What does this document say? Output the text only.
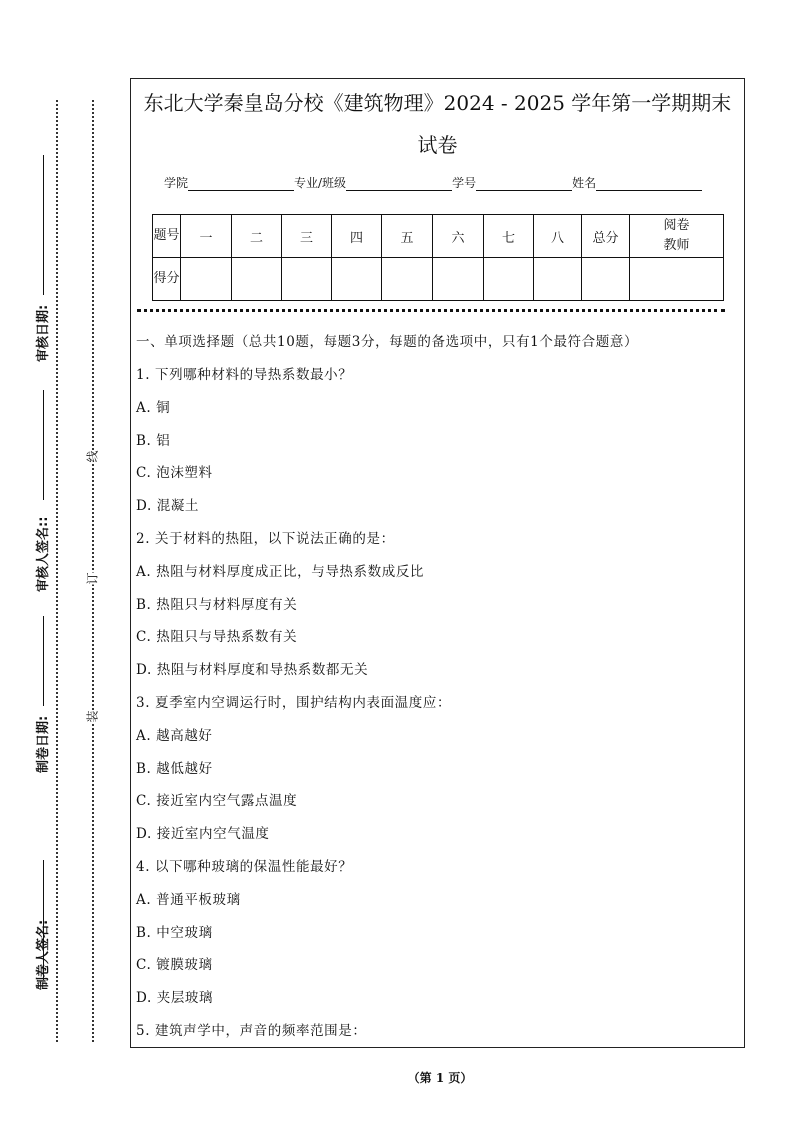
线
订
装
制卷人签名:
制卷日期:
审核人签名::
审核日期:
东北大学秦皇岛分校《建筑物理》2024 - 2025 学年第一学期期末
试卷
学院	专业/班级	学号	姓名
题号	一	二	三	四	五	六	七	八	总分	阅卷教师
得分										
一、单项选择题（总共10题，每题3分，每题的备选项中，只有1个最符合题意）
1. 下列哪种材料的导热系数最小？
A. 铜
B. 铝
C. 泡沫塑料
D. 混凝土
2. 关于材料的热阻，以下说法正确的是：
A. 热阻与材料厚度成正比，与导热系数成反比
B. 热阻只与材料厚度有关
C. 热阻只与导热系数有关
D. 热阻与材料厚度和导热系数都无关
3. 夏季室内空调运行时，围护结构内表面温度应：
A. 越高越好
B. 越低越好
C. 接近室内空气露点温度
D. 接近室内空气温度
4. 以下哪种玻璃的保温性能最好？
A. 普通平板玻璃
B. 中空玻璃
C. 镀膜玻璃
D. 夹层玻璃
5. 建筑声学中，声音的频率范围是：
（第 1 页）
